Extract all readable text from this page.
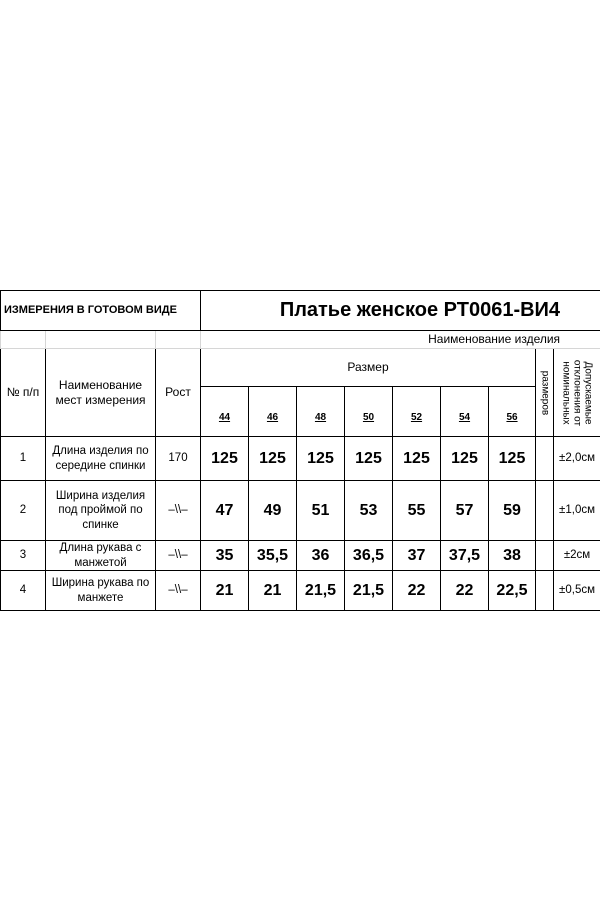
ИЗМЕРЕНИЯ В ГОТОВОМ ВИДЕ			Платье женское РТ0061-ВИ4								
			Наименование изделия								
№ п/п	Наименование мест измерения	Рост	Размер							размеров	Допускаемые отклонения от номинальных

			44	46	48	50	52	54	56		
1	Длина изделия по середине спинки	170	125	125	125	125	125	125	125		±2,0см
2	Ширина изделия под проймой по спинке	–\\–	47	49	51	53	55	57	59		±1,0см
3	Длина рукава с манжетой	–\\–	35	35,5	36	36,5	37	37,5	38		±2см
4	Ширина рукава по манжете	–\\–	21	21	21,5	21,5	22	22	22,5		±0,5см
